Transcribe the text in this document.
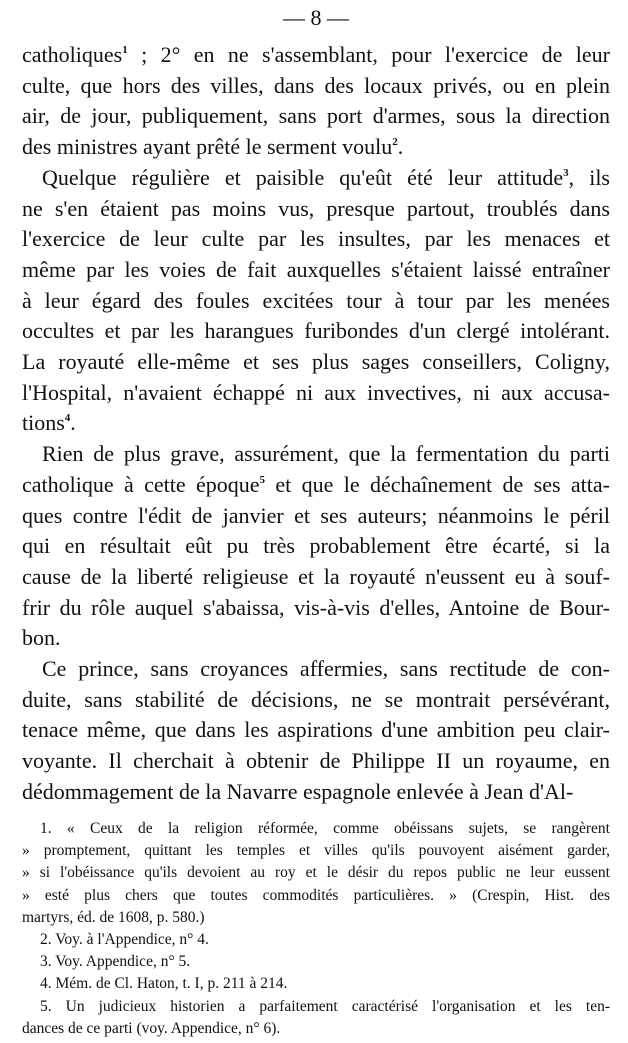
— 8 —
catholiques$^1$ ; 2° en ne s'assemblant, pour l'exercice de leur
culte, que hors des villes, dans des locaux privés, ou en plein
air, de jour, publiquement, sans port d'armes, sous la direction
des ministres ayant prêté le serment voulu$^2$.
Quelque régulière et paisible qu'eût été leur attitude$^3$, ils
ne s'en étaient pas moins vus, presque partout, troublés dans
l'exercice de leur culte par les insultes, par les menaces et
même par les voies de fait auxquelles s'étaient laissé entraîner
à leur égard des foules excitées tour à tour par les menées
occultes et par les harangues furibondes d'un clergé intolérant.
La royauté elle-même et ses plus sages conseillers, Coligny,
l'Hospital, n'avaient échappé ni aux invectives, ni aux accusa-
tions$^4$.
Rien de plus grave, assurément, que la fermentation du parti
catholique à cette époque$^5$ et que le déchaînement de ses atta-
ques contre l'édit de janvier et ses auteurs; néanmoins le péril
qui en résultait eût pu très probablement être écarté, si la
cause de la liberté religieuse et la royauté n'eussent eu à souf-
frir du rôle auquel s'abaissa, vis-à-vis d'elles, Antoine de Bour-
bon.
Ce prince, sans croyances affermies, sans rectitude de con-
duite, sans stabilité de décisions, ne se montrait persévérant,
tenace même, que dans les aspirations d'une ambition peu clair-
voyante. Il cherchait à obtenir de Philippe II un royaume, en
dédommagement de la Navarre espagnole enlevée à Jean d'Al-
1. « Ceux de la religion réformée, comme obéissans sujets, se rangèrent
» promptement, quittant les temples et villes qu'ils pouvoyent aisément garder,
» si l'obéissance qu'ils devoient au roy et le désir du repos public ne leur eussent
» esté plus chers que toutes commodités particulières. » (Crespin, Hist. des
martyrs, éd. de 1608, p. 580.)
2. Voy. à l'Appendice, n° 4.
3. Voy. Appendice, n° 5.
4. Mém. de Cl. Haton, t. I, p. 211 à 214.
5. Un judicieux historien a parfaitement caractérisé l'organisation et les ten-
dances de ce parti (voy. Appendice, n° 6).
